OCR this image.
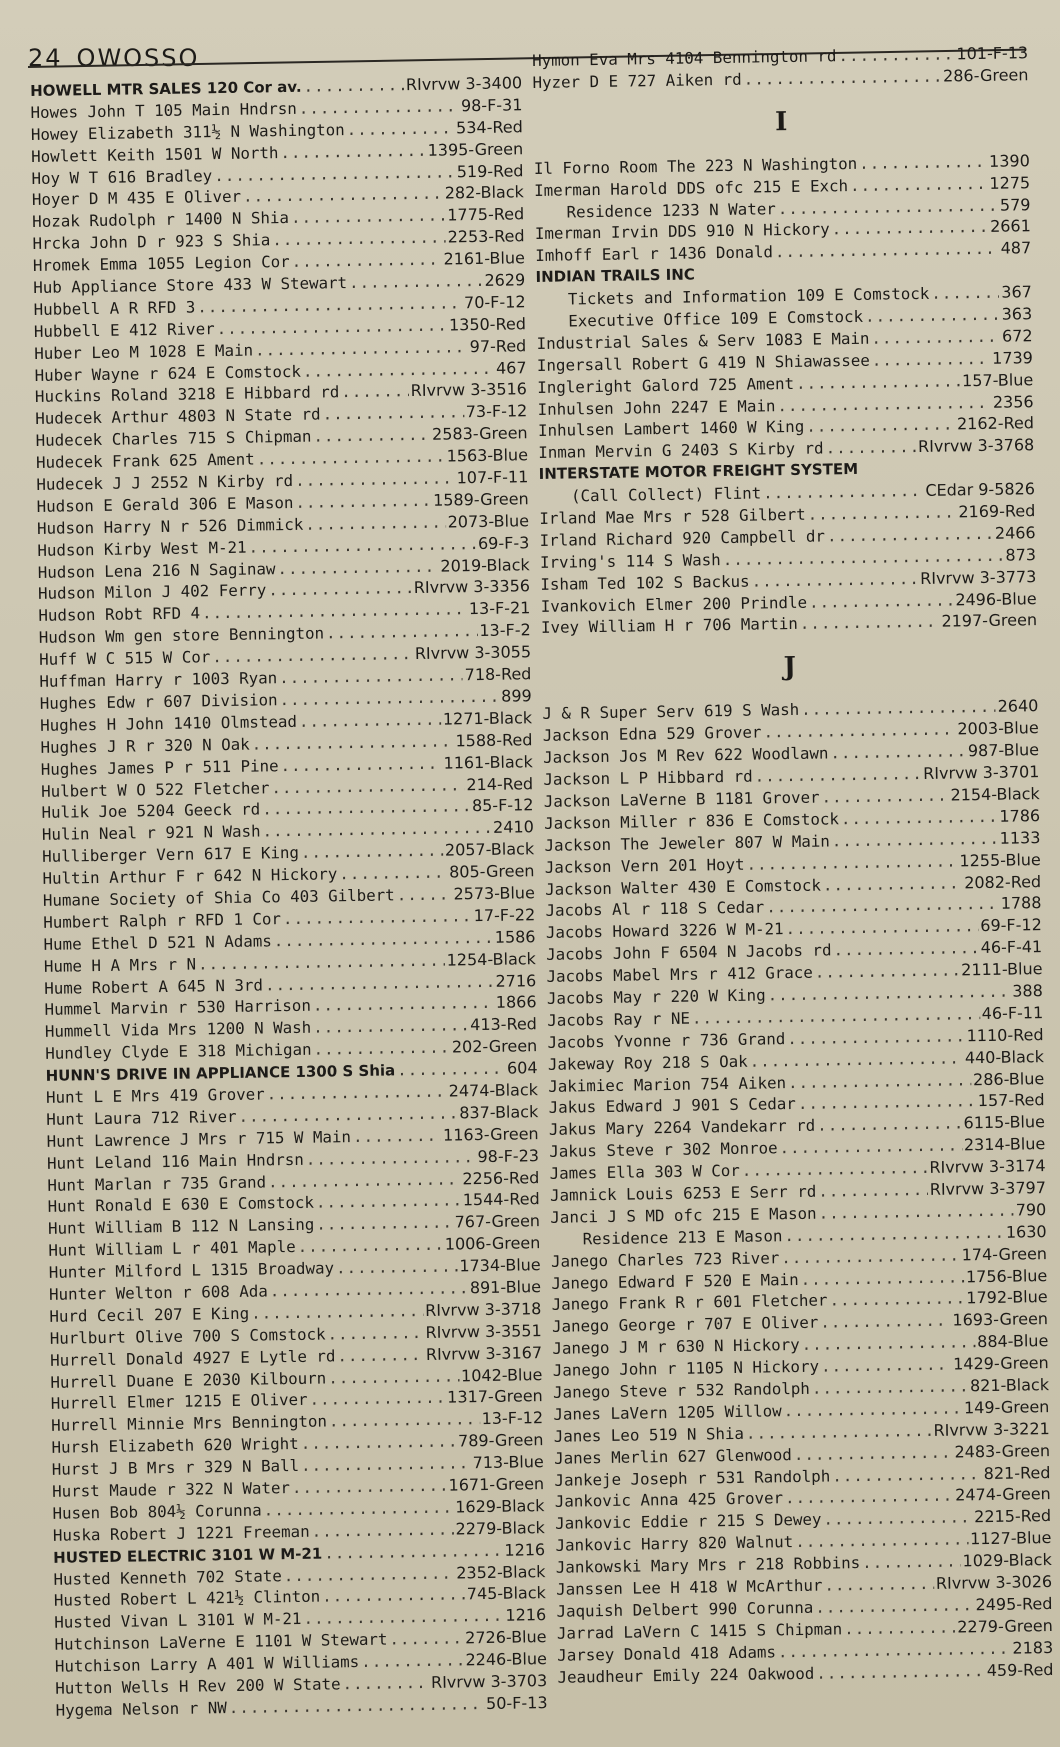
24 OWOSSO
HOWELL MTR SALES 120 Cor av. .....	RIvrvw 3-3400
Howes John T 105 Main Hndrsn .....	98-F-31
Howey Elizabeth 311½ N Washington .....	534-Red
Howlett Keith 1501 W North .....	1395-Green
Hoy W T 616 Bradley .....	519-Red
Hoyer D M 435 E Oliver .....	282-Black
Hozak Rudolph r 1400 N Shia .....	1775-Red
Hrcka John D r 923 S Shia .....	2253-Red
Hromek Emma 1055 Legion Cor .....	2161-Blue
Hub Appliance Store 433 W Stewart .....	2629
Hubbell A R RFD 3 .....	70-F-12
Hubbell E 412 River .....	1350-Red
Huber Leo M 1028 E Main .....	97-Red
Huber Wayne r 624 E Comstock .....	467
Huckins Roland 3218 E Hibbard rd .....	RIvrvw 3-3516
Hudecek Arthur 4803 N State rd .....	73-F-12
Hudecek Charles 715 S Chipman .....	2583-Green
Hudecek Frank 625 Ament .....	1563-Blue
Hudecek J J 2552 N Kirby rd .....	107-F-11
Hudson E Gerald 306 E Mason .....	1589-Green
Hudson Harry N r 526 Dimmick .....	2073-Blue
Hudson Kirby West M-21 .....	69-F-3
Hudson Lena 216 N Saginaw .....	2019-Black
Hudson Milon J 402 Ferry .....	RIvrvw 3-3356
Hudson Robt RFD 4 .....	13-F-21
Hudson Wm gen store Bennington .....	13-F-2
Huff W C 515 W Cor .....	RIvrvw 3-3055
Huffman Harry r 1003 Ryan .....	718-Red
Hughes Edw r 607 Division .....	899
Hughes H John 1410 Olmstead .....	1271-Black
Hughes J R r 320 N Oak .....	1588-Red
Hughes James P r 511 Pine .....	1161-Black
Hulbert W O 522 Fletcher .....	214-Red
Hulik Joe 5204 Geeck rd .....	85-F-12
Hulin Neal r 921 N Wash .....	2410
Hulliberger Vern 617 E King .....	2057-Black
Hultin Arthur F r 642 N Hickory .....	805-Green
Humane Society of Shia Co 403 Gilbert .....	2573-Blue
Humbert Ralph r RFD 1 Cor .....	17-F-22
Hume Ethel D 521 N Adams .....	1586
Hume H A Mrs r N .....	1254-Black
Hume Robert A 645 N 3rd .....	2716
Hummel Marvin r 530 Harrison .....	1866
Hummell Vida Mrs 1200 N Wash .....	413-Red
Hundley Clyde E 318 Michigan .....	202-Green
HUNN'S DRIVE IN APPLIANCE 1300 S Shia .....	604
Hunt L E Mrs 419 Grover .....	2474-Black
Hunt Laura 712 River .....	837-Black
Hunt Lawrence J Mrs r 715 W Main .....	1163-Green
Hunt Leland 116 Main Hndrsn .....	98-F-23
Hunt Marlan r 735 Grand .....	2256-Red
Hunt Ronald E 630 E Comstock .....	1544-Red
Hunt William B 112 N Lansing .....	767-Green
Hunt William L r 401 Maple .....	1006-Green
Hunter Milford L 1315 Broadway .....	1734-Blue
Hunter Welton r 608 Ada .....	891-Blue
Hurd Cecil 207 E King .....	RIvrvw 3-3718
Hurlburt Olive 700 S Comstock .....	RIvrvw 3-3551
Hurrell Donald 4927 E Lytle rd .....	RIvrvw 3-3167
Hurrell Duane E 2030 Kilbourn .....	1042-Blue
Hurrell Elmer 1215 E Oliver .....	1317-Green
Hurrell Minnie Mrs Bennington .....	13-F-12
Hursh Elizabeth 620 Wright .....	789-Green
Hurst J B Mrs r 329 N Ball .....	713-Blue
Hurst Maude r 322 N Water .....	1671-Green
Husen Bob 804½ Corunna .....	1629-Black
Huska Robert J 1221 Freeman .....	2279-Black
HUSTED ELECTRIC 3101 W M-21 .....	1216
Husted Kenneth 702 State .....	2352-Black
Husted Robert L 421½ Clinton .....	745-Black
Husted Vivan L 3101 W M-21 .....	1216
Hutchinson LaVerne E 1101 W Stewart .....	2726-Blue
Hutchison Larry A 401 W Williams .....	2246-Blue
Hutton Wells H Rev 200 W State .....	RIvrvw 3-3703
Hygema Nelson r NW .....	50-F-13
Hymon Eva Mrs 4104 Bennington rd .....	101-F-13
Hyzer D E 727 Aiken rd .....	286-Green
I
Il Forno Room The 223 N Washington .....	1390
Imerman Harold DDS ofc 215 E Exch .....	1275
Residence 1233 N Water .....	579
Imerman Irvin DDS 910 N Hickory .....	2661
Imhoff Earl r 1436 Donald .....	487
INDIAN TRAILS INC
Tickets and Information 109 E Comstock .....	367
Executive Office 109 E Comstock .....	363
Industrial Sales & Serv 1083 E Main .....	672
Ingersall Robert G 419 N Shiawassee .....	1739
Ingleright Galord 725 Ament .....	157-Blue
Inhulsen John 2247 E Main .....	2356
Inhulsen Lambert 1460 W King .....	2162-Red
Inman Mervin G 2403 S Kirby rd .....	RIvrvw 3-3768
INTERSTATE MOTOR FREIGHT SYSTEM
(Call Collect) Flint .....	CEdar 9-5826
Irland Mae Mrs r 528 Gilbert .....	2169-Red
Irland Richard 920 Campbell dr .....	2466
Irving's 114 S Wash .....	873
Isham Ted 102 S Backus .....	RIvrvw 3-3773
Ivankovich Elmer 200 Prindle .....	2496-Blue
Ivey William H r 706 Martin .....	2197-Green
J
J & R Super Serv 619 S Wash .....	2640
Jackson Edna 529 Grover .....	2003-Blue
Jackson Jos M Rev 622 Woodlawn .....	987-Blue
Jackson L P Hibbard rd .....	RIvrvw 3-3701
Jackson LaVerne B 1181 Grover .....	2154-Black
Jackson Miller r 836 E Comstock .....	1786
Jackson The Jeweler 807 W Main .....	1133
Jackson Vern 201 Hoyt .....	1255-Blue
Jackson Walter 430 E Comstock .....	2082-Red
Jacobs Al r 118 S Cedar .....	1788
Jacobs Howard 3226 W M-21 .....	69-F-12
Jacobs John F 6504 N Jacobs rd .....	46-F-41
Jacobs Mabel Mrs r 412 Grace .....	2111-Blue
Jacobs May r 220 W King .....	388
Jacobs Ray r NE .....	46-F-11
Jacobs Yvonne r 736 Grand .....	1110-Red
Jakeway Roy 218 S Oak .....	440-Black
Jakimiec Marion 754 Aiken .....	286-Blue
Jakus Edward J 901 S Cedar .....	157-Red
Jakus Mary 2264 Vandekarr rd .....	6115-Blue
Jakus Steve r 302 Monroe .....	2314-Blue
James Ella 303 W Cor .....	RIvrvw 3-3174
Jamnick Louis 6253 E Serr rd .....	RIvrvw 3-3797
Janci J S MD ofc 215 E Mason .....	790
Residence 213 E Mason .....	1630
Janego Charles 723 River .....	174-Green
Janego Edward F 520 E Main .....	1756-Blue
Janego Frank R r 601 Fletcher .....	1792-Blue
Janego George r 707 E Oliver .....	1693-Green
Janego J M r 630 N Hickory .....	884-Blue
Janego John r 1105 N Hickory .....	1429-Green
Janego Steve r 532 Randolph .....	821-Black
Janes LaVern 1205 Willow .....	149-Green
Janes Leo 519 N Shia .....	RIvrvw 3-3221
Janes Merlin 627 Glenwood .....	2483-Green
Jankeje Joseph r 531 Randolph .....	821-Red
Jankovic Anna 425 Grover .....	2474-Green
Jankovic Eddie r 215 S Dewey .....	2215-Red
Jankovic Harry 820 Walnut .....	1127-Blue
Jankowski Mary Mrs r 218 Robbins .....	1029-Black
Janssen Lee H 418 W McArthur .....	RIvrvw 3-3026
Jaquish Delbert 990 Corunna .....	2495-Red
Jarrad LaVern C 1415 S Chipman .....	2279-Green
Jarsey Donald 418 Adams .....	2183
Jeaudheur Emily 224 Oakwood .....	459-Red
